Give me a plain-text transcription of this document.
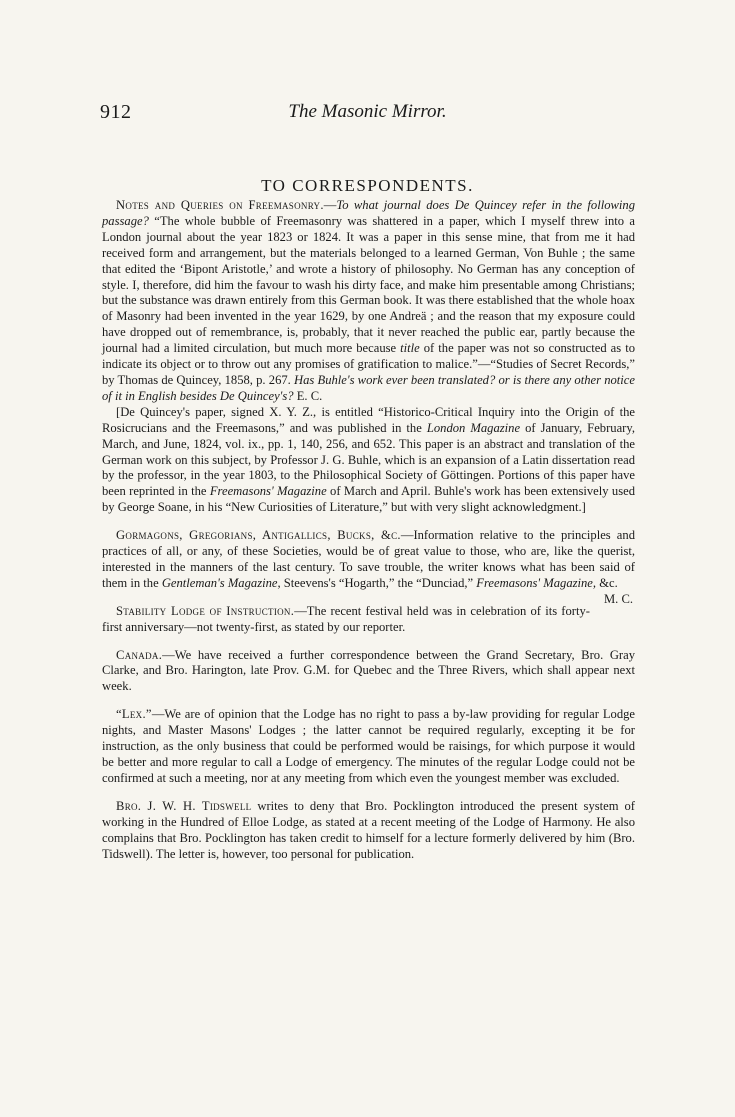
912	The Masonic Mirror.
TO CORRESPONDENTS.

Notes and Queries on Freemasonry.—To what journal does De Quincey refer in the following passage? “The whole bubble of Freemasonry was shattered in a paper, which I myself threw into a London journal about the year 1823 or 1824. It was a paper in this sense mine, that from me it had received form and arrangement, but the materials belonged to a learned German, Von Buhle ; the same that edited the ‘Bipont Aristotle,’ and wrote a history of philosophy. No German has any conception of style. I, therefore, did him the favour to wash his dirty face, and make him presentable among Christians; but the substance was drawn entirely from this German book. It was there established that the whole hoax of Masonry had been invented in the year 1629, by one Andreä ; and the reason that my exposure could have dropped out of remembrance, is, probably, that it never reached the public ear, partly because the journal had a limited circulation, but much more because title of the paper was not so constructed as to indicate its object or to throw out any promises of gratification to malice.”—“Studies of Secret Records,” by Thomas de Quincey, 1858, p. 267. Has Buhle's work ever been translated? or is there any other notice of it in English besides De Quincey's? E. C.

[De Quincey's paper, signed X. Y. Z., is entitled “Historico-Critical Inquiry into the Origin of the Rosicrucians and the Freemasons,” and was published in the London Magazine of January, February, March, and June, 1824, vol. ix., pp. 1, 140, 256, and 652. This paper is an abstract and translation of the German work on this subject, by Professor J. G. Buhle, which is an expansion of a Latin dissertation read by the professor, in the year 1803, to the Philosophical Society of Göttingen. Portions of this paper have been reprinted in the Freemasons' Magazine of March and April. Buhle's work has been extensively used by George Soane, in his “New Curiosities of Literature,” but with very slight acknowledgment.]

Gormagons, Gregorians, Antigallics, Bucks, &c.—Information relative to the principles and practices of all, or any, of these Societies, would be of great value to those, who are, like the querist, interested in the manners of the last century. To save trouble, the writer knows what has been said of them in the Gentleman's Magazine, Steevens's “Hogarth,” the “Dunciad,” Freemasons' Magazine, &c.
M. C.

Stability Lodge of Instruction.—The recent festival held was in celebration of its forty-first anniversary—not twenty-first, as stated by our reporter.

Canada.—We have received a further correspondence between the Grand Secretary, Bro. Gray Clarke, and Bro. Harington, late Prov. G.M. for Quebec and the Three Rivers, which shall appear next week.

“Lex.”—We are of opinion that the Lodge has no right to pass a by-law providing for regular Lodge nights, and Master Masons' Lodges ; the latter cannot be required regularly, excepting it be for instruction, as the only business that could be performed would be raisings, for which purpose it would be better and more regular to call a Lodge of emergency. The minutes of the regular Lodge could not be confirmed at such a meeting, nor at any meeting from which even the youngest member was excluded.

Bro. J. W. H. Tidswell writes to deny that Bro. Pocklington introduced the present system of working in the Hundred of Elloe Lodge, as stated at a recent meeting of the Lodge of Harmony. He also complains that Bro. Pocklington has taken credit to himself for a lecture formerly delivered by him (Bro. Tidswell). The letter is, however, too personal for publication.
